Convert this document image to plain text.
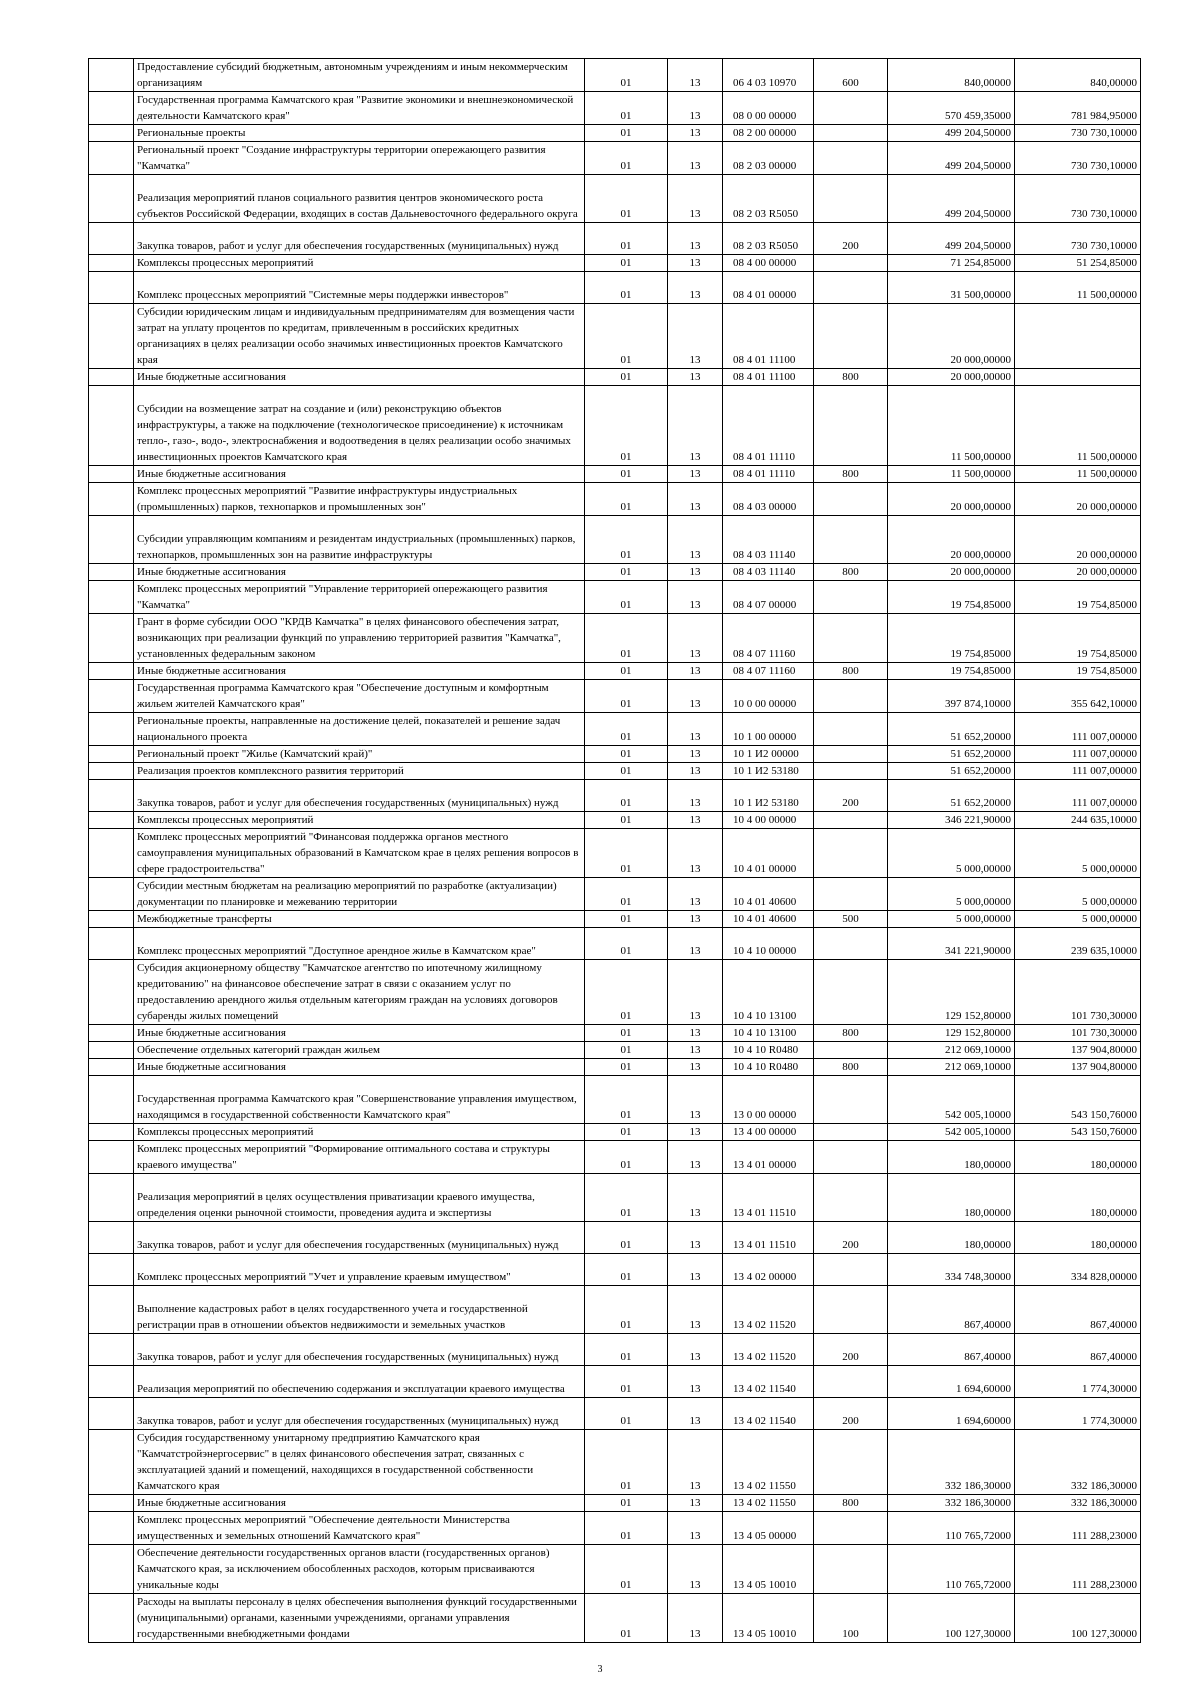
	Предоставление субсидий бюджетным, автономным учреждениям и иным некоммерческим организациям	01	13	06 4 03 10970	600	840,00000	840,00000
	Государственная программа Камчатского края "Развитие экономики и внешнеэкономической деятельности Камчатского края"	01	13	08 0 00 00000		570 459,35000	781 984,95000
	Региональные проекты	01	13	08 2 00 00000		499 204,50000	730 730,10000
	Региональный проект "Создание инфраструктуры территории опережающего развития "Камчатка"	01	13	08 2 03 00000		499 204,50000	730 730,10000
	Реализация мероприятий планов социального развития центров экономического роста субъектов Российской Федерации, входящих в состав Дальневосточного федерального округа	01	13	08 2 03 R5050		499 204,50000	730 730,10000
	Закупка товаров, работ и услуг для обеспечения государственных (муниципальных) нужд	01	13	08 2 03 R5050	200	499 204,50000	730 730,10000
	Комплексы процессных мероприятий	01	13	08 4 00 00000		71 254,85000	51 254,85000
	Комплекс процессных мероприятий "Системные меры поддержки инвесторов"	01	13	08 4 01 00000		31 500,00000	11 500,00000
	Субсидии юридическим лицам и индивидуальным предпринимателям для возмещения части затрат на уплату процентов по кредитам, привлеченным в российских кредитных организациях в целях реализации особо значимых инвестиционных проектов Камчатского края	01	13	08 4 01 11100		20 000,00000	
	Иные бюджетные ассигнования	01	13	08 4 01 11100	800	20 000,00000	
	Субсидии на возмещение затрат на создание и (или) реконструкцию объектов инфраструктуры, а также на подключение (технологическое присоединение) к источникам тепло-, газо-, водо-, электроснабжения и водоотведения в целях реализации особо значимых инвестиционных проектов Камчатского края	01	13	08 4 01 11110		11 500,00000	11 500,00000
	Иные бюджетные ассигнования	01	13	08 4 01 11110	800	11 500,00000	11 500,00000
	Комплекс процессных мероприятий "Развитие инфраструктуры индустриальных (промышленных) парков, технопарков и промышленных зон"	01	13	08 4 03 00000		20 000,00000	20 000,00000
	Субсидии управляющим компаниям и резидентам индустриальных (промышленных) парков, технопарков, промышленных зон на развитие инфраструктуры	01	13	08 4 03 11140		20 000,00000	20 000,00000
	Иные бюджетные ассигнования	01	13	08 4 03 11140	800	20 000,00000	20 000,00000
	Комплекс процессных мероприятий "Управление территорией опережающего развития "Камчатка"	01	13	08 4 07 00000		19 754,85000	19 754,85000
	Грант в форме субсидии ООО "КРДВ Камчатка" в целях финансового обеспечения затрат, возникающих при реализации функций по управлению территорией развития "Камчатка", установленных федеральным законом	01	13	08 4 07 11160		19 754,85000	19 754,85000
	Иные бюджетные ассигнования	01	13	08 4 07 11160	800	19 754,85000	19 754,85000
	Государственная программа Камчатского края "Обеспечение доступным и комфортным жильем жителей Камчатского края"	01	13	10 0 00 00000		397 874,10000	355 642,10000
	Региональные проекты, направленные на достижение целей, показателей и решение задач национального проекта	01	13	10 1 00 00000		51 652,20000	111 007,00000
	Региональный проект "Жилье (Камчатский край)"	01	13	10 1 И2 00000		51 652,20000	111 007,00000
	Реализация проектов комплексного развития территорий	01	13	10 1 И2 53180		51 652,20000	111 007,00000
	Закупка товаров, работ и услуг для обеспечения государственных (муниципальных) нужд	01	13	10 1 И2 53180	200	51 652,20000	111 007,00000
	Комплексы процессных мероприятий	01	13	10 4 00 00000		346 221,90000	244 635,10000
	Комплекс процессных мероприятий "Финансовая поддержка органов местного самоуправления муниципальных образований в Камчатском крае в целях решения вопросов в сфере градостроительства"	01	13	10 4 01 00000		5 000,00000	5 000,00000
	Субсидии местным бюджетам на реализацию мероприятий по разработке (актуализации) документации по планировке и межеванию территории	01	13	10 4 01 40600		5 000,00000	5 000,00000
	Межбюджетные трансферты	01	13	10 4 01 40600	500	5 000,00000	5 000,00000
	Комплекс процессных мероприятий "Доступное арендное жилье в Камчатском крае"	01	13	10 4 10 00000		341 221,90000	239 635,10000
	Субсидия акционерному обществу "Камчатское агентство по ипотечному жилищному кредитованию" на финансовое обеспечение затрат в связи с оказанием услуг по предоставлению арендного жилья отдельным категориям граждан на условиях договоров субаренды жилых помещений	01	13	10 4 10 13100		129 152,80000	101 730,30000
	Иные бюджетные ассигнования	01	13	10 4 10 13100	800	129 152,80000	101 730,30000
	Обеспечение отдельных категорий граждан жильем	01	13	10 4 10 R0480		212 069,10000	137 904,80000
	Иные бюджетные ассигнования	01	13	10 4 10 R0480	800	212 069,10000	137 904,80000
	Государственная программа Камчатского края "Совершенствование управления имуществом, находящимся в государственной собственности Камчатского края"	01	13	13 0 00 00000		542 005,10000	543 150,76000
	Комплексы процессных мероприятий	01	13	13 4 00 00000		542 005,10000	543 150,76000
	Комплекс процессных мероприятий "Формирование оптимального состава и структуры краевого имущества"	01	13	13 4 01 00000		180,00000	180,00000
	Реализация мероприятий в целях осуществления приватизации краевого имущества, определения оценки рыночной стоимости, проведения аудита и экспертизы	01	13	13 4 01 11510		180,00000	180,00000
	Закупка товаров, работ и услуг для обеспечения государственных (муниципальных) нужд	01	13	13 4 01 11510	200	180,00000	180,00000
	Комплекс процессных мероприятий "Учет и управление краевым имуществом"	01	13	13 4 02 00000		334 748,30000	334 828,00000
	Выполнение кадастровых работ в целях государственного учета и государственной регистрации прав в отношении объектов недвижимости и земельных участков	01	13	13 4 02 11520		867,40000	867,40000
	Закупка товаров, работ и услуг для обеспечения государственных (муниципальных) нужд	01	13	13 4 02 11520	200	867,40000	867,40000
	Реализация мероприятий по обеспечению содержания и эксплуатации краевого имущества	01	13	13 4 02 11540		1 694,60000	1 774,30000
	Закупка товаров, работ и услуг для обеспечения государственных (муниципальных) нужд	01	13	13 4 02 11540	200	1 694,60000	1 774,30000
	Субсидия государственному унитарному предприятию Камчатского края "Камчатстройэнергосервис" в целях финансового обеспечения затрат, связанных с эксплуатацией зданий и помещений, находящихся в государственной собственности Камчатского края	01	13	13 4 02 11550		332 186,30000	332 186,30000
	Иные бюджетные ассигнования	01	13	13 4 02 11550	800	332 186,30000	332 186,30000
	Комплекс процессных мероприятий "Обеспечение деятельности Министерства имущественных и земельных отношений Камчатского края"	01	13	13 4 05 00000		110 765,72000	111 288,23000
	Обеспечение деятельности государственных органов власти (государственных органов) Камчатского края, за исключением обособленных расходов, которым присваиваются уникальные коды	01	13	13 4 05 10010		110 765,72000	111 288,23000
	Расходы на выплаты персоналу в целях обеспечения выполнения функций государственными (муниципальными) органами, казенными учреждениями, органами управления государственными внебюджетными фондами	01	13	13 4 05 10010	100	100 127,30000	100 127,30000
3
